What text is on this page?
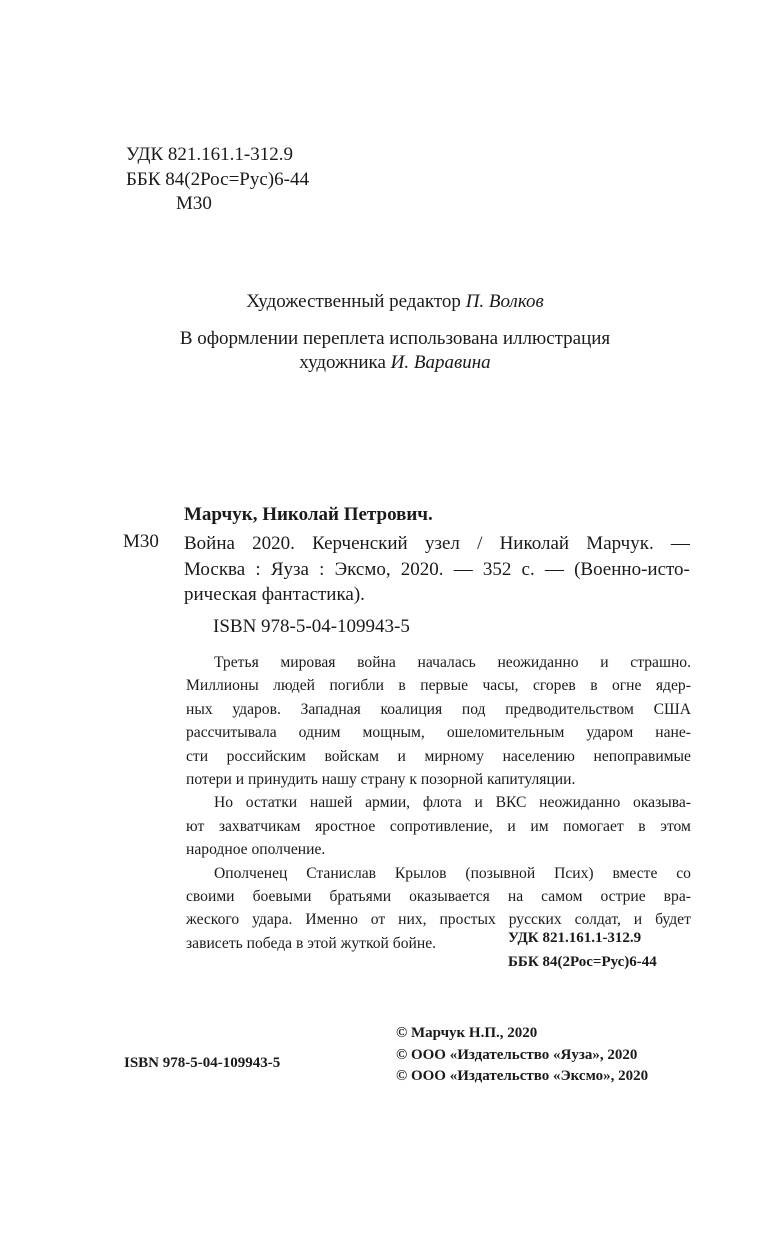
УДК 821.161.1-312.9
ББК 84(2Рос=Рус)6-44
М30
Художественный редактор П. Волков
В оформлении переплета использована иллюстрация
художника И. Варавина
Марчук, Николай Петрович.
М30 Война 2020. Керченский узел / Николай Марчук. —
Москва : Яуза : Эксмо, 2020. — 352 с. — (Военно-исто-
рическая фантастика).
ISBN 978-5-04-109943-5
Третья мировая война началась неожиданно и страшно.
Миллионы людей погибли в первые часы, сгорев в огне ядер-
ных ударов. Западная коалиция под предводительством США
рассчитывала одним мощным, ошеломительным ударом нане-
сти российским войскам и мирному населению непоправимые
потери и принудить нашу страну к позорной капитуляции.
Но остатки нашей армии, флота и ВКС неожиданно оказыва-
ют захватчикам яростное сопротивление, и им помогает в этом
народное ополчение.
Ополченец Станислав Крылов (позывной Псих) вместе со
своими боевыми братьями оказывается на самом острие вра-
жеского удара. Именно от них, простых русских солдат, и будет
зависеть победа в этой жуткой бойне.	УДК 821.161.1-312.9
ББК 84(2Рос=Рус)6-44
ISBN 978-5-04-109943-5
© Марчук Н.П., 2020
© ООО «Издательство «Яуза», 2020
© ООО «Издательство «Эксмо», 2020
